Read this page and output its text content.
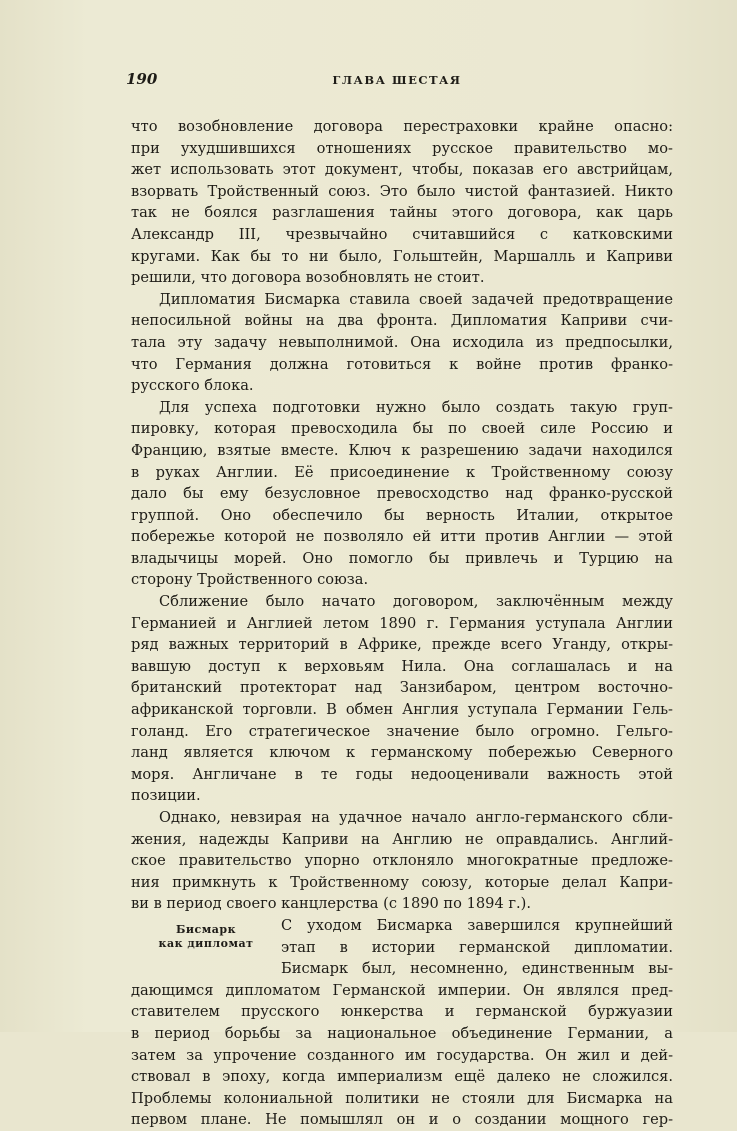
190	ГЛАВА ШЕСТАЯ
что возобновление договора перестраховки крайне опасно:
при ухудшившихся отношениях русское правительство мо-
жет использовать этот документ, чтобы, показав его австрийцам,
взорвать Тройственный союз. Это было чистой фантазией. Никто
так не боялся разглашения тайны этого договора, как царь
Александр III, чрезвычайно считавшийся с катковскими
кругами. Как бы то ни было, Гольштейн, Маршалль и Каприви
решили, что договора возобновлять не стоит.
Дипломатия Бисмарка ставила своей задачей предотвращение
непосильной войны на два фронта. Дипломатия Каприви счи-
тала эту задачу невыполнимой. Она исходила из предпосылки,
что Германия должна готовиться к войне против франко-
русского блока.
Для успеха подготовки нужно было создать такую груп-
пировку, которая превосходила бы по своей силе Россию и
Францию, взятые вместе. Ключ к разрешению задачи находился
в руках Англии. Её присоединение к Тройственному союзу
дало бы ему безусловное превосходство над франко-русской
группой. Оно обеспечило бы верность Италии, открытое
побережье которой не позволяло ей итти против Англии — этой
владычицы морей. Оно помогло бы привлечь и Турцию на
сторону Тройственного союза.
Сближение было начато договором, заключённым между
Германией и Англией летом 1890 г. Германия уступала Англии
ряд важных территорий в Африке, прежде всего Уганду, откры-
вавшую доступ к верховьям Нила. Она соглашалась и на
британский протекторат над Занзибаром, центром восточно-
африканской торговли. В обмен Англия уступала Германии Гель-
голанд. Его стратегическое значение было огромно. Гельго-
ланд является ключом к германскому побережью Северного
моря. Англичане в те годы недооценивали важность этой
позиции.
Однако, невзирая на удачное начало англо-германского сбли-
жения, надежды Каприви на Англию не оправдались. Англий-
ское правительство упорно отклоняло многократные предложе-
ния примкнуть к Тройственному союзу, которые делал Капри-
ви в период своего канцлерства (с 1890 по 1894 г.).
Бисмарк
как дипломат
С уходом Бисмарка завершился крупнейший
этап в истории германской дипломатии.
Бисмарк был, несомненно, единственным вы-
дающимся дипломатом Германской империи. Он являлся пред-
ставителем прусского юнкерства и германской буржуазии
в период борьбы за национальное объединение Германии, а
затем за упрочение созданного им государства. Он жил и дей-
ствовал в эпоху, когда империализм ещё далеко не сложился.
Проблемы колониальной политики не стояли для Бисмарка на
первом плане. Не помышлял он и о создании мощного гер-
